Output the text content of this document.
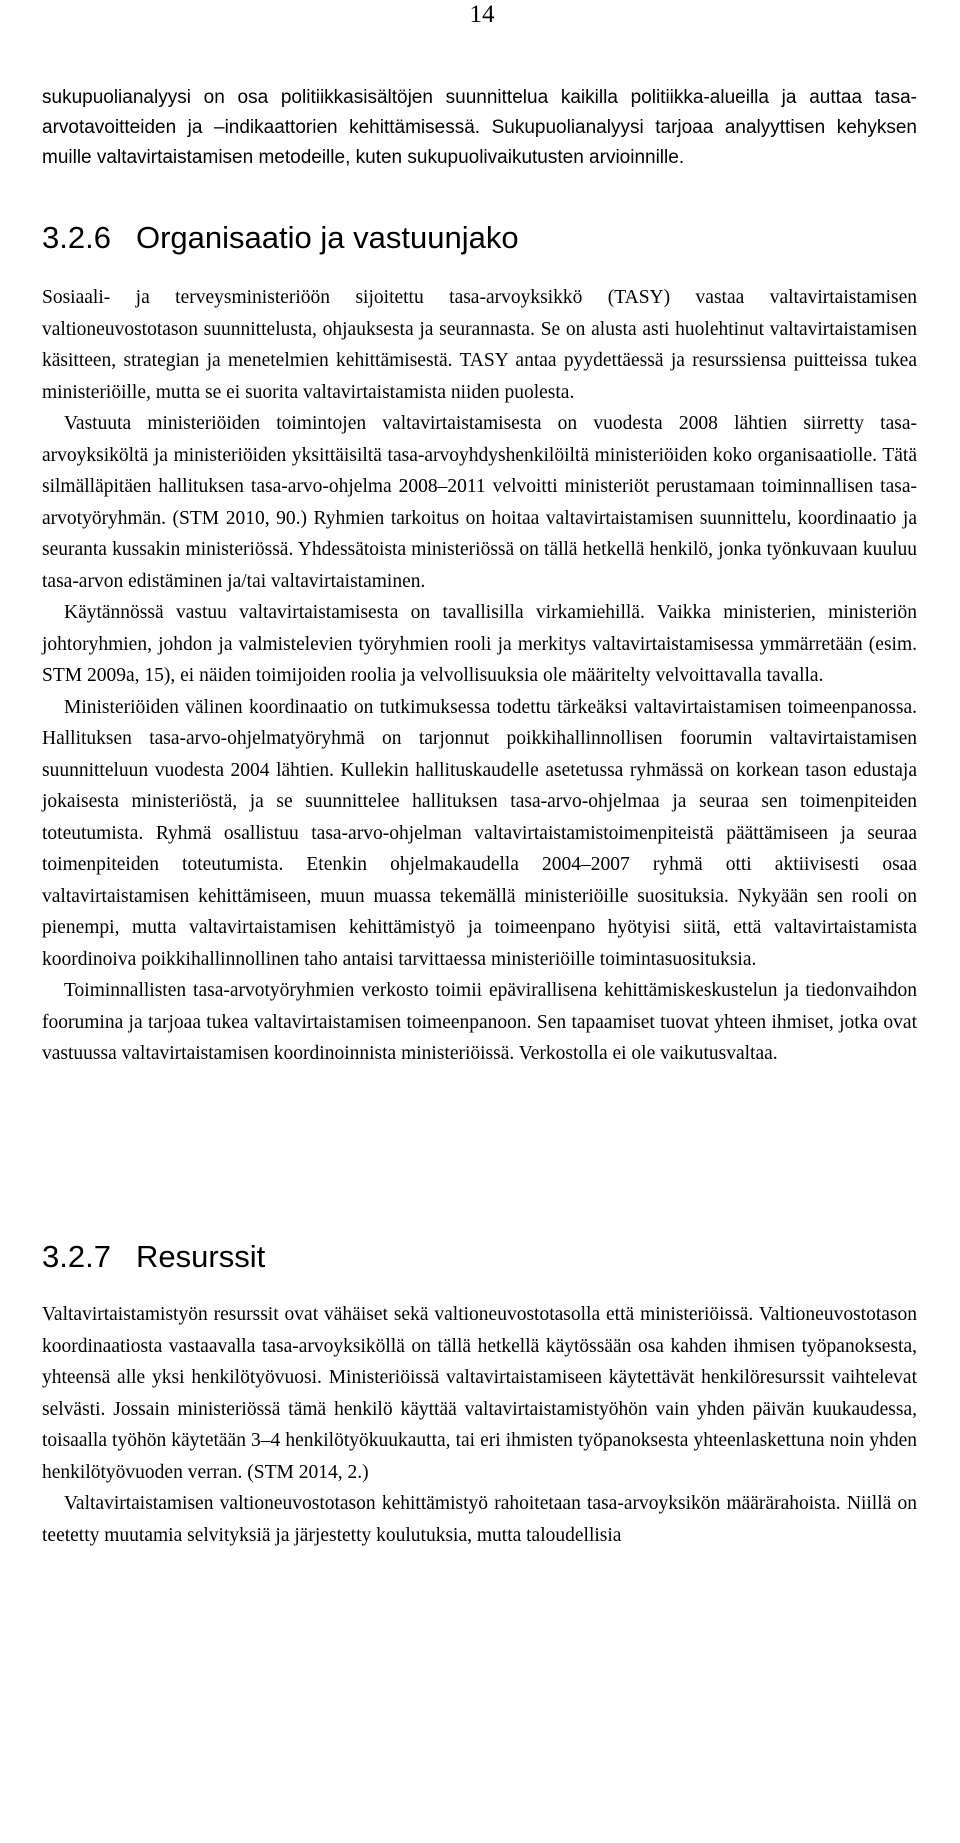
14

sukupuolianalyysi on osa politiikkasisältöjen suunnittelua kaikilla politiikka-alueilla ja auttaa tasa-arvotavoitteiden ja –indikaattorien kehittämisessä. Sukupuolianalyysi tarjoaa analyyttisen kehyksen muille valtavirtaistamisen metodeille, kuten sukupuolivaikutusten arvioinnille.

3.2.6 Organisaatio ja vastuunjako

Sosiaali- ja terveysministeriöön sijoitettu tasa-arvoyksikkö (TASY) vastaa valtavirtaistamisen valtioneuvostotason suunnittelusta, ohjauksesta ja seurannasta. Se on alusta asti huolehtinut valtavirtaistamisen käsitteen, strategian ja menetelmien kehittämisestä. TASY antaa pyydettäessä ja resurssiensa puitteissa tukea ministeriöille, mutta se ei suorita valtavirtaistamista niiden puolesta.

Vastuuta ministeriöiden toimintojen valtavirtaistamisesta on vuodesta 2008 lähtien siirretty tasa-arvoyksiköltä ja ministeriöiden yksittäisiltä tasa-arvoyhdyshenkilöiltä ministeriöiden koko organisaatiolle. Tätä silmälläpitäen hallituksen tasa-arvo-ohjelma 2008–2011 velvoitti ministeriöt perustamaan toiminnallisen tasa-arvotyöryhmän. (STM 2010, 90.) Ryhmien tarkoitus on hoitaa valtavirtaistamisen suunnittelu, koordinaatio ja seuranta kussakin ministeriössä. Yhdessätoista ministeriössä on tällä hetkellä henkilö, jonka työnkuvaan kuuluu tasa-arvon edistäminen ja/tai valtavirtaistaminen.

Käytännössä vastuu valtavirtaistamisesta on tavallisilla virkamiehillä. Vaikka ministerien, ministeriön johtoryhmien, johdon ja valmistelevien työryhmien rooli ja merkitys valtavirtaistamisessa ymmärretään (esim. STM 2009a, 15), ei näiden toimijoiden roolia ja velvollisuuksia ole määritelty velvoittavalla tavalla.

Ministeriöiden välinen koordinaatio on tutkimuksessa todettu tärkeäksi valtavirtaistamisen toimeenpanossa. Hallituksen tasa-arvo-ohjelmatyöryhmä on tarjonnut poikkihallinnollisen foorumin valtavirtaistamisen suunnitteluun vuodesta 2004 lähtien. Kullekin hallituskaudelle asetetussa ryhmässä on korkean tason edustaja jokaisesta ministeriöstä, ja se suunnittelee hallituksen tasa-arvo-ohjelmaa ja seuraa sen toimenpiteiden toteutumista. Ryhmä osallistuu tasa-arvo-ohjelman valtavirtaistamistoimenpiteistä päättämiseen ja seuraa toimenpiteiden toteutumista. Etenkin ohjelmakaudella 2004–2007 ryhmä otti aktiivisesti osaa valtavirtaistamisen kehittämiseen, muun muassa tekemällä ministeriöille suosituksia. Nykyään sen rooli on pienempi, mutta valtavirtaistamisen kehittämistyö ja toimeenpano hyötyisi siitä, että valtavirtaistamista koordinoiva poikkihallinnollinen taho antaisi tarvittaessa ministeriöille toimintasuosituksia.

Toiminnallisten tasa-arvotyöryhmien verkosto toimii epävirallisena kehittämiskeskustelun ja tiedonvaihdon foorumina ja tarjoaa tukea valtavirtaistamisen toimeenpanoon. Sen tapaamiset tuovat yhteen ihmiset, jotka ovat vastuussa valtavirtaistamisen koordinoinnista ministeriöissä. Verkostolla ei ole vaikutusvaltaa.

3.2.7 Resurssit

Valtavirtaistamistyön resurssit ovat vähäiset sekä valtioneuvostotasolla että ministeriöissä. Valtioneuvostotason koordinaatiosta vastaavalla tasa-arvoyksiköllä on tällä hetkellä käytössään osa kahden ihmisen työpanoksesta, yhteensä alle yksi henkilötyövuosi. Ministeriöissä valtavirtaistamiseen käytettävät henkilöresurssit vaihtelevat selvästi. Jossain ministeriössä tämä henkilö käyttää valtavirtaistamistyöhön vain yhden päivän kuukaudessa, toisaalla työhön käytetään 3–4 henkilötyökuukautta, tai eri ihmisten työpanoksesta yhteenlaskettuna noin yhden henkilötyövuoden verran. (STM 2014, 2.)

Valtavirtaistamisen valtioneuvostotason kehittämistyö rahoitetaan tasa-arvoyksikön määrärahoista. Niillä on teetetty muutamia selvityksiä ja järjestetty koulutuksia, mutta taloudellisia
